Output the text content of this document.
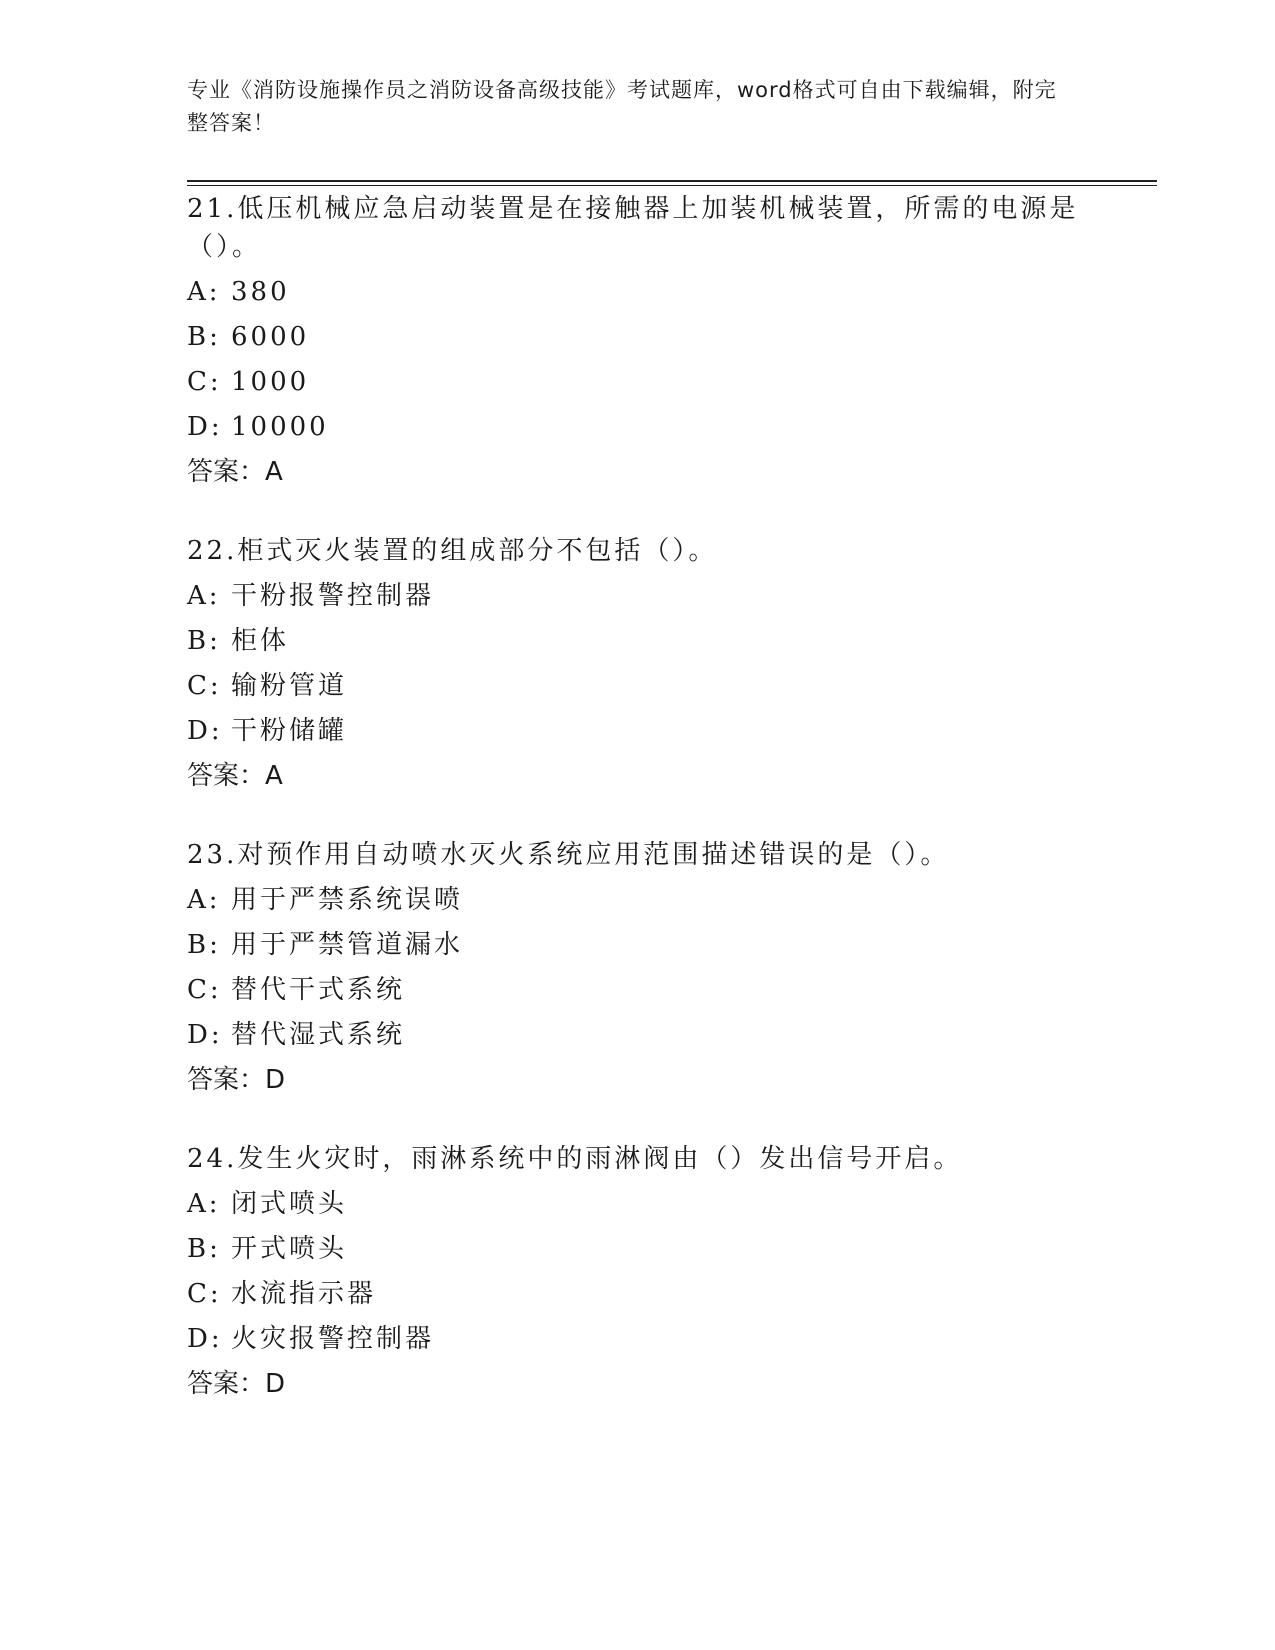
专业《消防设施操作员之消防设备高级技能》考试题库，word格式可自由下载编辑，附完整答案！
21.低压机械应急启动装置是在接触器上加装机械装置，所需的电源是（）。
A: 380
B: 6000
C: 1000
D: 10000
答案：A
22.柜式灭火装置的组成部分不包括（）。
A: 干粉报警控制器
B: 柜体
C: 输粉管道
D: 干粉储罐
答案：A
23.对预作用自动喷水灭火系统应用范围描述错误的是（）。
A: 用于严禁系统误喷
B: 用于严禁管道漏水
C: 替代干式系统
D: 替代湿式系统
答案：D
24.发生火灾时，雨淋系统中的雨淋阀由（）发出信号开启。
A: 闭式喷头
B: 开式喷头
C: 水流指示器
D: 火灾报警控制器
答案：D
